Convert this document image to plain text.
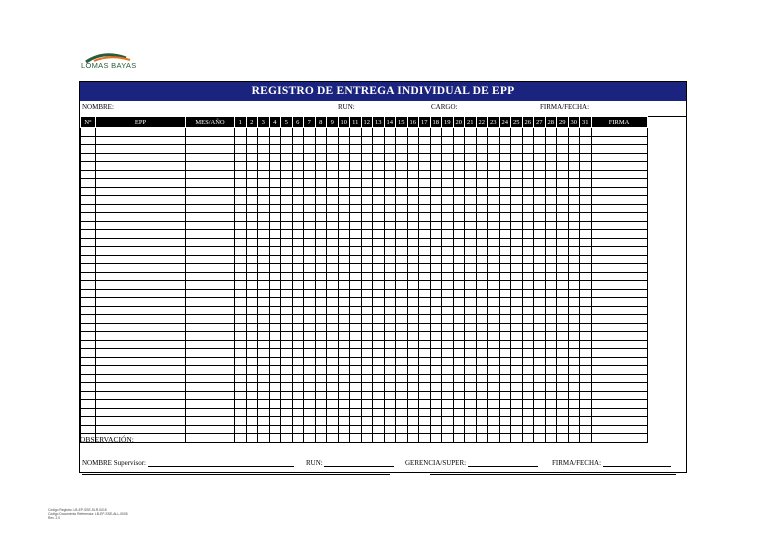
LOMAS BAYAS
REGISTRO DE ENTREGA INDIVIDUAL DE EPP
NOMBRE:	RUN:	CARGO:	FIRMA/FECHA:
N°	EPP	MES/AÑO	1	2	3	4	5	6	7	8	9	10	11	12	13	14	15	16	17	18	19	20	21	22	23	24	25	26	27	28	29	30	31	FIRMA

OBSERVACIÓN:
NOMBRE Supervisor:	RUN:	GERENCIA/SUPER:	FIRMA/FECHA:
Código Registro: LB-EP-SSE-SLR-0015
Código Documento Referencia: LB-EP-SSE-ALL-0005
Rev. 2.0
